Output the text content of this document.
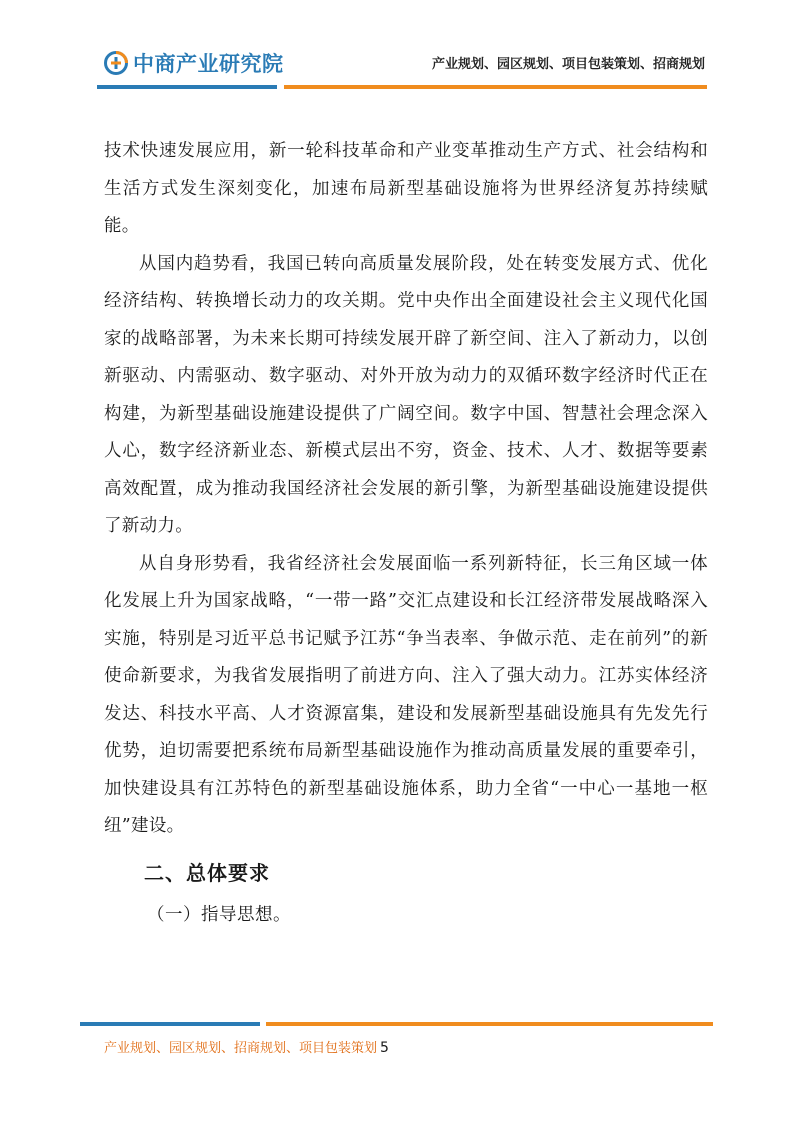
中商产业研究院	产业规划、园区规划、项目包装策划、招商规划

技术快速发展应用，新一轮科技革命和产业变革推动生产方式、社会结构和生活方式发生深刻变化，加速布局新型基础设施将为世界经济复苏持续赋能。

从国内趋势看，我国已转向高质量发展阶段，处在转变发展方式、优化经济结构、转换增长动力的攻关期。党中央作出全面建设社会主义现代化国家的战略部署，为未来长期可持续发展开辟了新空间、注入了新动力，以创新驱动、内需驱动、数字驱动、对外开放为动力的双循环数字经济时代正在构建，为新型基础设施建设提供了广阔空间。数字中国、智慧社会理念深入人心，数字经济新业态、新模式层出不穷，资金、技术、人才、数据等要素高效配置，成为推动我国经济社会发展的新引擎，为新型基础设施建设提供了新动力。

从自身形势看，我省经济社会发展面临一系列新特征，长三角区域一体化发展上升为国家战略，“一带一路”交汇点建设和长江经济带发展战略深入实施，特别是习近平总书记赋予江苏“争当表率、争做示范、走在前列”的新使命新要求，为我省发展指明了前进方向、注入了强大动力。江苏实体经济发达、科技水平高、人才资源富集，建设和发展新型基础设施具有先发先行优势，迫切需要把系统布局新型基础设施作为推动高质量发展的重要牵引，加快建设具有江苏特色的新型基础设施体系，助力全省“一中心一基地一枢纽”建设。

二、总体要求

（一）指导思想。

产业规划、园区规划、招商规划、项目包装策划 5
